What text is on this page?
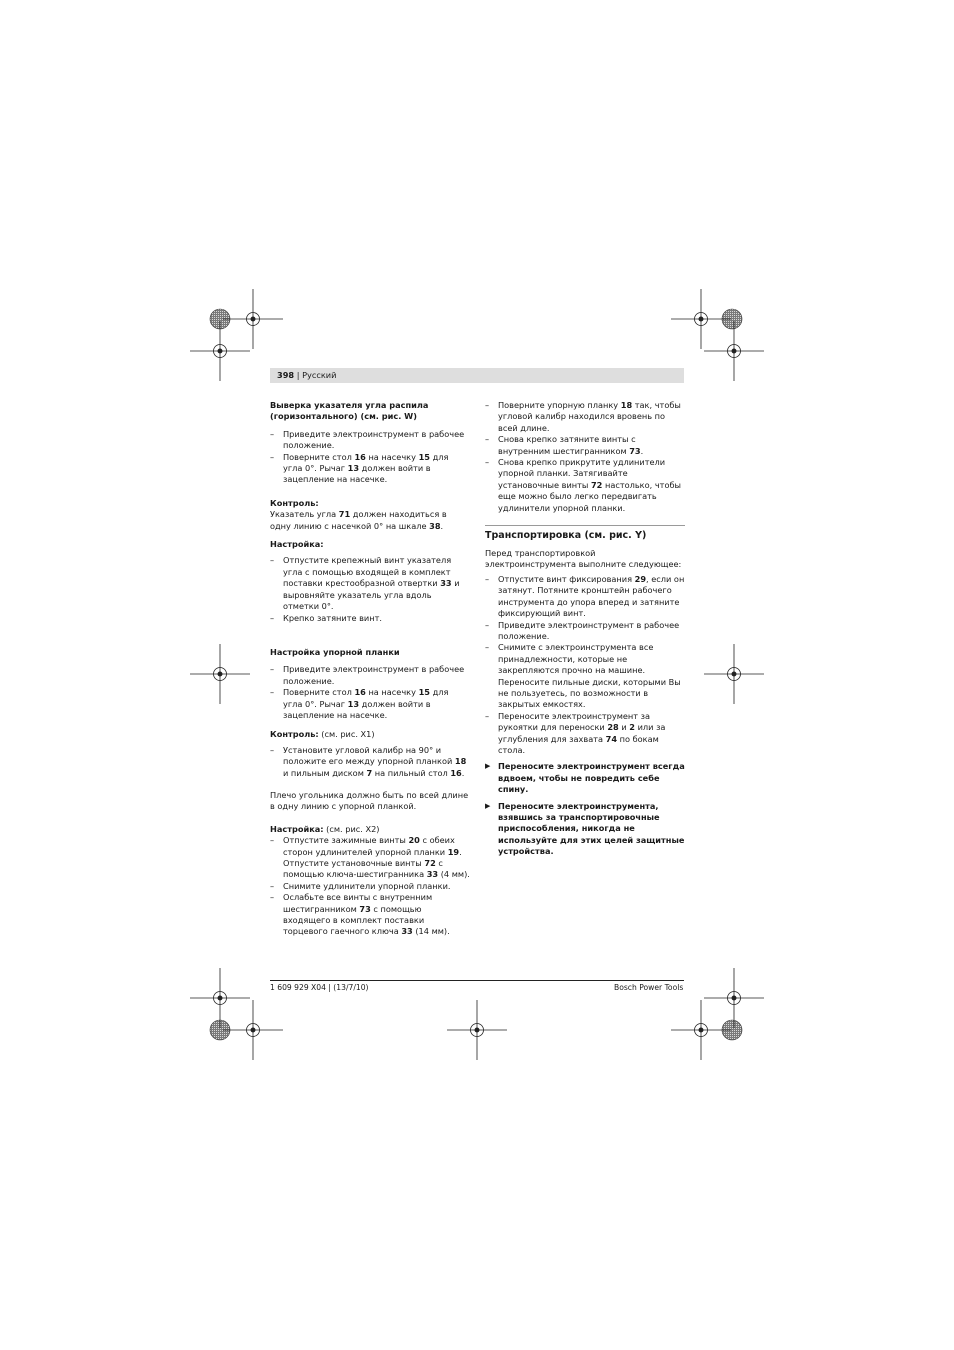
398 | Русский

Выверка указателя угла распила (горизонтального) (см. рис. W)

– Приведите электроинструмент в рабочее положение.
– Поверните стол 16 на насечку 15 для угла 0°. Рычаг 13 должен войти в зацепление на насечке.

Контроль:

Указатель угла 71 должен находиться в одну линию с насечкой 0° на шкале 38.

Настройка:

– Отпустите крепежный винт указателя угла с помощью входящей в комплект поставки крестообразной отвертки 33 и выровняйте указатель угла вдоль отметки 0°.
– Крепко затяните винт.

Настройка упорной планки

– Приведите электроинструмент в рабочее положение.
– Поверните стол 16 на насечку 15 для угла 0°. Рычаг 13 должен войти в зацепление на насечке.

Контроль: (см. рис. X1)

– Установите угловой калибр на 90° и положите его между упорной планкой 18 и пильным диском 7 на пильный стол 16.

Плечо угольника должно быть по всей длине в одну линию с упорной планкой.

Настройка: (см. рис. X2)

– Отпустите зажимные винты 20 с обеих сторон удлинителей упорной планки 19. Отпустите установочные винты 72 с помощью ключа-шестигранника 33 (4 мм).
– Снимите удлинители упорной планки.
– Ослабьте все винты с внутренним шестигранником 73 с помощью входящего в комплект поставки торцевого гаечного ключа 33 (14 мм).
– Поверните упорную планку 18 так, чтобы угловой калибр находился вровень по всей длине.
– Снова крепко затяните винты с внутренним шестигранником 73.
– Снова крепко прикрутите удлинители упорной планки. Затягивайте установочные винты 72 настолько, чтобы еще можно было легко передвигать удлинители упорной планки.
Транспортировка (см. рис. Y)

Перед транспортировкой электроинструмента выполните следующее:

– Отпустите винт фиксирования 29, если он затянут. Потяните кронштейн рабочего инструмента до упора вперед и затяните фиксирующий винт.
– Приведите электроинструмент в рабочее положение.
– Снимите с электроинструмента все принадлежности, которые не закрепляются прочно на машине. Переносите пильные диски, которыми Вы не пользуетесь, по возможности в закрытых емкостях.
– Переносите электроинструмент за рукоятки для переноски 28 и 2 или за углубления для захвата 74 по бокам стола.
▶ Переносите электроинструмент всегда вдвоем, чтобы не повредить себе спину.
▶ Переносите электроинструмента, взявшись за транспортировочные приспособления, никогда не используйте для этих целей защитные устройства.
1 609 929 X04 | (13/7/10)	Bosch Power Tools
